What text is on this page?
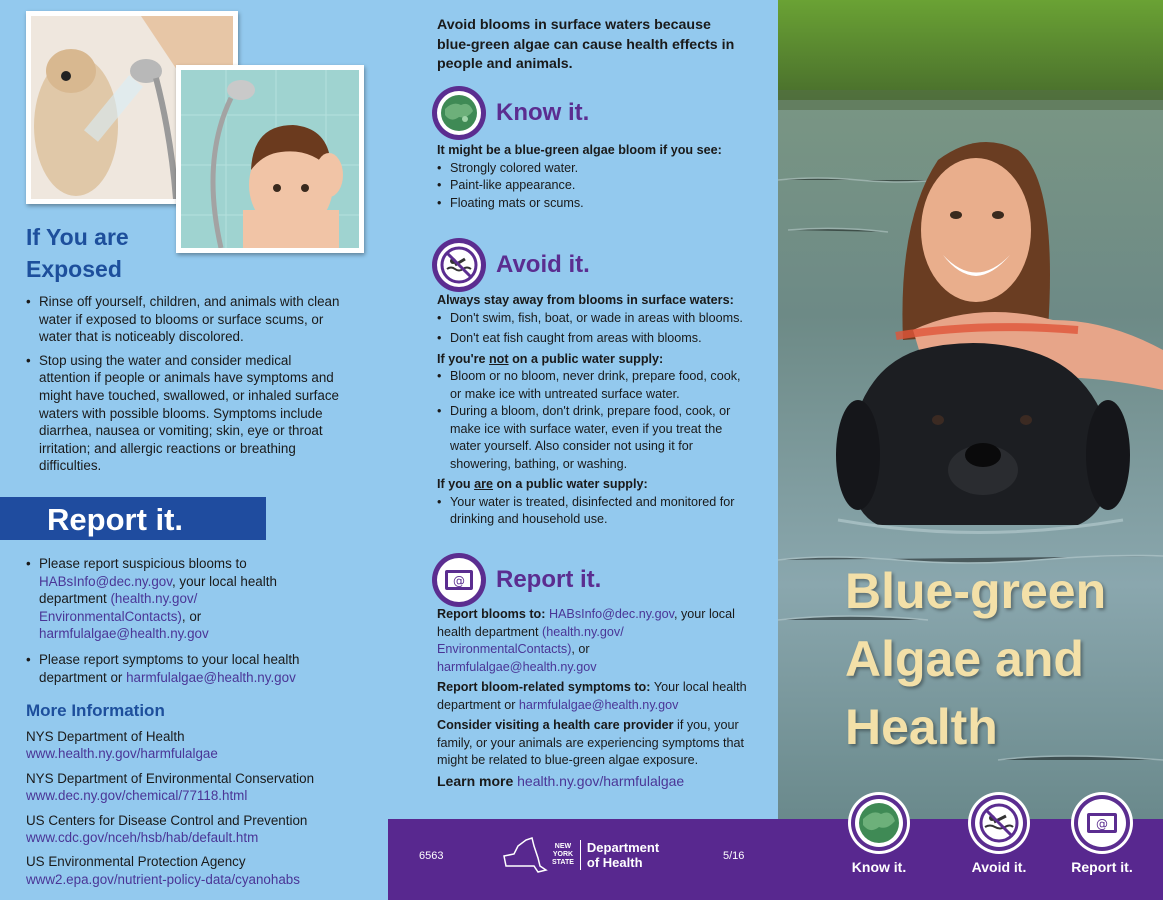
If You are Exposed
• Rinse off yourself, children, and animals with clean water if exposed to blooms or surface scums, or water that is noticeably discolored.
• Stop using the water and consider medical attention if people or animals have symptoms and might have touched, swallowed, or inhaled surface waters with possible blooms. Symptoms include diarrhea, nausea or vomiting; skin, eye or throat irritation; and allergic reactions or breathing difficulties.
Report it.
• Please report suspicious blooms to HABsInfo@dec.ny.gov, your local health department (health.ny.gov/ EnvironmentalContacts), or harmfulalgae@health.ny.gov
• Please report symptoms to your local health department or harmfulalgae@health.ny.gov
More Information
NYS Department of Health
www.health.ny.gov/harmfulalgae
NYS Department of Environmental Conservation
www.dec.ny.gov/chemical/77118.html
US Centers for Disease Control and Prevention
www.cdc.gov/nceh/hsb/hab/default.htm
US Environmental Protection Agency
www2.epa.gov/nutrient-policy-data/cyanohabs

Avoid blooms in surface waters because blue-green algae can cause health effects in people and animals.

Know it.
It might be a blue-green algae bloom if you see:
• Strongly colored water.
• Paint-like appearance.
• Floating mats or scums.
Avoid it.
Always stay away from blooms in surface waters:
• Don't swim, fish, boat, or wade in areas with blooms.
• Don't eat fish caught from areas with blooms.
If you're not on a public water supply:
• Bloom or no bloom, never drink, prepare food, cook, or make ice with untreated surface water.
• During a bloom, don't drink, prepare food, cook, or make ice with surface water, even if you treat the water yourself. Also consider not using it for showering, bathing, or washing.
If you are on a public water supply:
• Your water is treated, disinfected and monitored for drinking and household use.
@ Report it.

Report blooms to: HABsInfo@dec.ny.gov, your local health department (health.ny.gov/ EnvironmentalContacts), or harmfulalgae@health.ny.gov

Report bloom-related symptoms to: Your local health department or harmfulalgae@health.ny.gov

Consider visiting a health care provider if you, your family, or your animals are experiencing symptoms that might be related to blue-green algae exposure.

Learn more health.ny.gov/harmfulalgae

6563
NEW
YORK
STATE
Department
of Health	5/16
Blue-green
Algae and
Health
Know it.	Avoid it.
@
Report it.
